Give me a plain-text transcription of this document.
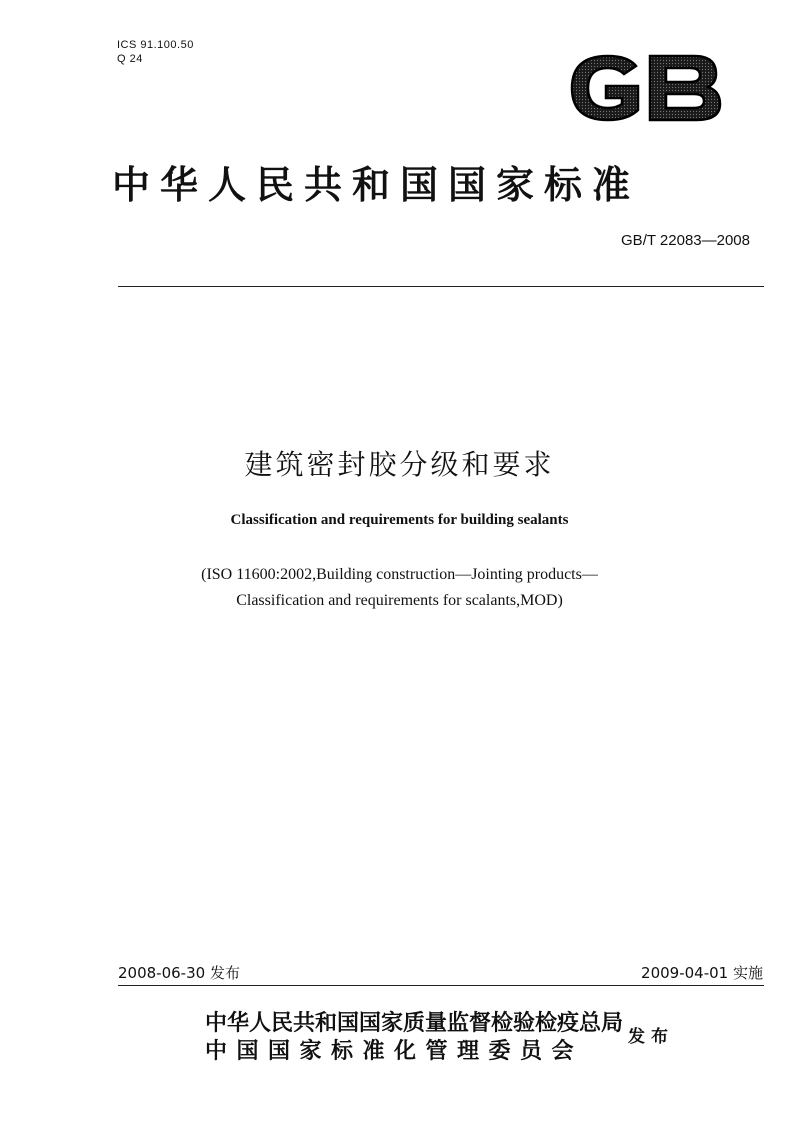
ICS 91.100.50
Q 24
GB
中华人民共和国国家标准
GB/T 22083—2008
建筑密封胶分级和要求
Classification and requirements for building sealants
(ISO 11600:2002,Building construction—Jointing products—
Classification and requirements for scalants,MOD)
2008-06-30 发布	2009-04-01 实施
中华人民共和国国家质量监督检验检疫总局
中国国家标准化管理委员会
发布
